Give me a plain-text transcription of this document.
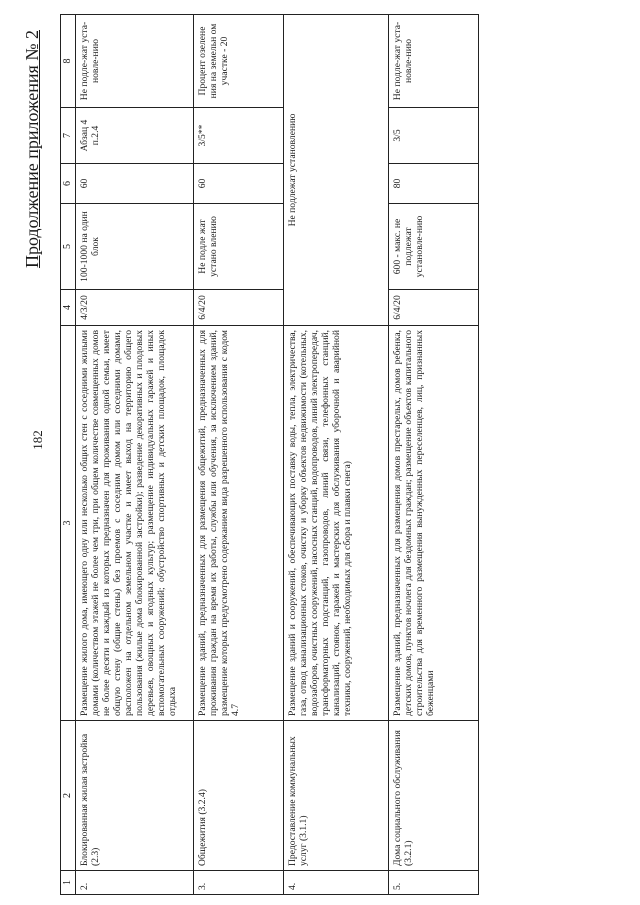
182
Продолжение приложения № 2
1	2	3	4	5	6	7	8
2.	Блокированная жилая застройка (2.3)	Размещение жилого дома, имеющего одну или несколько общих стен с соседними жилыми домами (количеством этажей не более чем три, при общем количестве совмещенных домов не более десяти и каждый из которых предназначен для проживания одной семьи, имеет общую стену (общие стены) без проемов с соседним домом или соседними домами, расположен на отдельном земельном участке и имеет выход на территорию общего пользования (жилые дома блокированной застройки); разведение декоративных и плодовых деревьев, овощных и ягодных культур; размещение индивидуальных гаражей и иных вспомогательных сооружений; обустройство спортивных и детских площадок, площадок отдыха	4/3/20	100-1000 на один блок	60	Абзац 4 п.2.4	Не подле-жат уста-новле-нию
3.	Общежития (3.2.4)	Размещение зданий, предназначенных для размещения общежитий, предназначенных для проживания граждан на время их работы, службы или обучения, за исключением зданий, размещение которых предусмотрено содержанием вида разрешенного использования с кодом 4.7	6/4/20	Не подле жат устано влению	60	3/5**	Процент озелене ния на земельн ом участке - 20
4.	Предоставление коммунальных услуг (3.1.1)	Размещение зданий и сооружений, обеспечивающих поставку воды, тепла, электричества, газа, отвод канализационных стоков, очистку и уборку объектов недвижимости (котельных, водозаборов, очистных сооружений, насосных станций, водопроводов, линий электропередач, трансформаторных подстанций, газопроводов, линий связи, телефонных станций, канализаций, стоянок, гаражей и мастерских для обслуживания уборочной и аварийной техники, сооружений, необходимых для сбора и плавки снега)	Не подлежат установлению				
5.	Дома социального обслуживания (3.2.1)	Размещение зданий, предназначенных для размещения домов престарелых, домов ребенка, детских домов, пунктов ночлега для бездомных граждан; размещение объектов капитального строительства для временного размещения вынужденных переселенцев, лиц, признанных беженцами	6/4/20	600 - макс. не подлежат установле-нию	80	3/5	Не подле-жат уста-новле-нию
